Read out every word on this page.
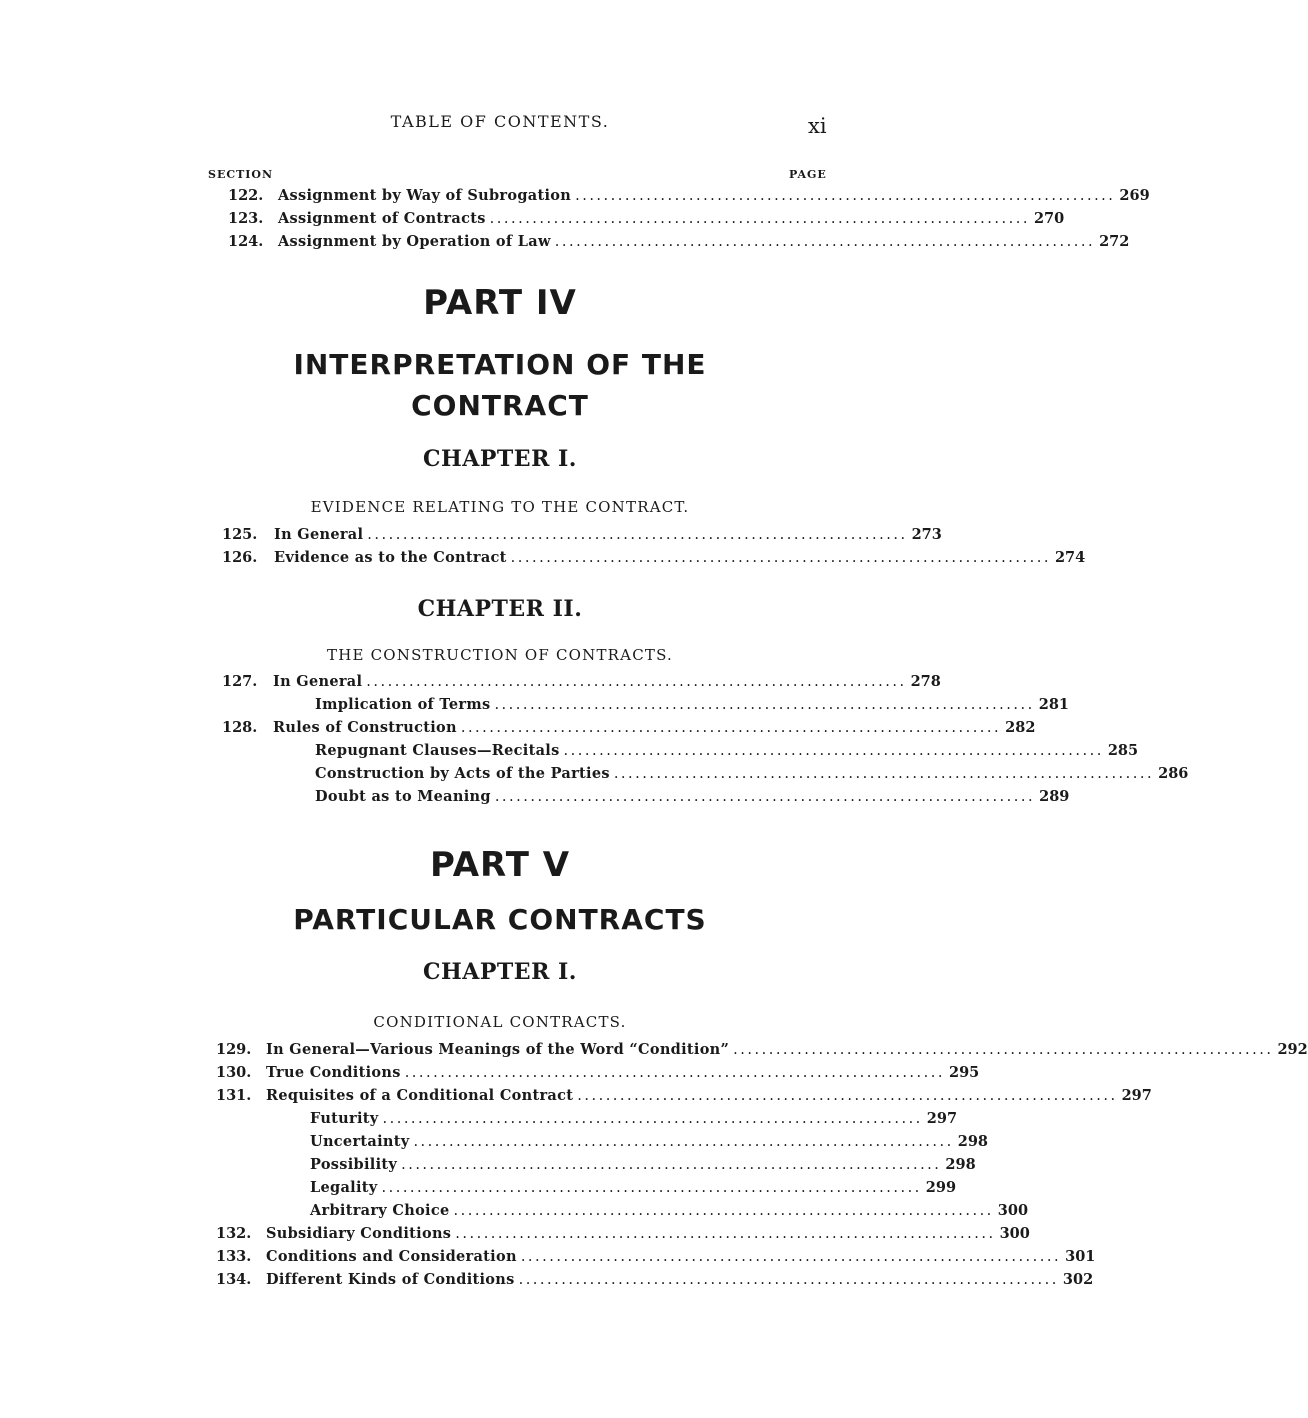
TABLE OF CONTENTS.	xi
SECTION	PAGE
122. Assignment by Way of Subrogation ............................................................................ 269
123. Assignment of Contracts ............................................................................ 270
124. Assignment by Operation of Law ............................................................................ 272
PART IV
INTERPRETATION OF THE
CONTRACT
CHAPTER I.
EVIDENCE RELATING TO THE CONTRACT.
125. In General ............................................................................ 273
126. Evidence as to the Contract ............................................................................ 274
CHAPTER II.
THE CONSTRUCTION OF CONTRACTS.
127. In General ............................................................................ 278
Implication of Terms ............................................................................ 281
128. Rules of Construction ............................................................................ 282
Repugnant Clauses—Recitals ............................................................................ 285
Construction by Acts of the Parties ............................................................................ 286
Doubt as to Meaning ............................................................................ 289
PART V
PARTICULAR CONTRACTS
CHAPTER I.
CONDITIONAL CONTRACTS.
129. In General—Various Meanings of the Word “Condition” ............................................................................ 292
130. True Conditions ............................................................................ 295
131. Requisites of a Conditional Contract ............................................................................ 297
Futurity ............................................................................ 297
Uncertainty ............................................................................ 298
Possibility ............................................................................ 298
Legality ............................................................................ 299
Arbitrary Choice ............................................................................ 300
132. Subsidiary Conditions ............................................................................ 300
133. Conditions and Consideration ............................................................................ 301
134. Different Kinds of Conditions ............................................................................ 302
